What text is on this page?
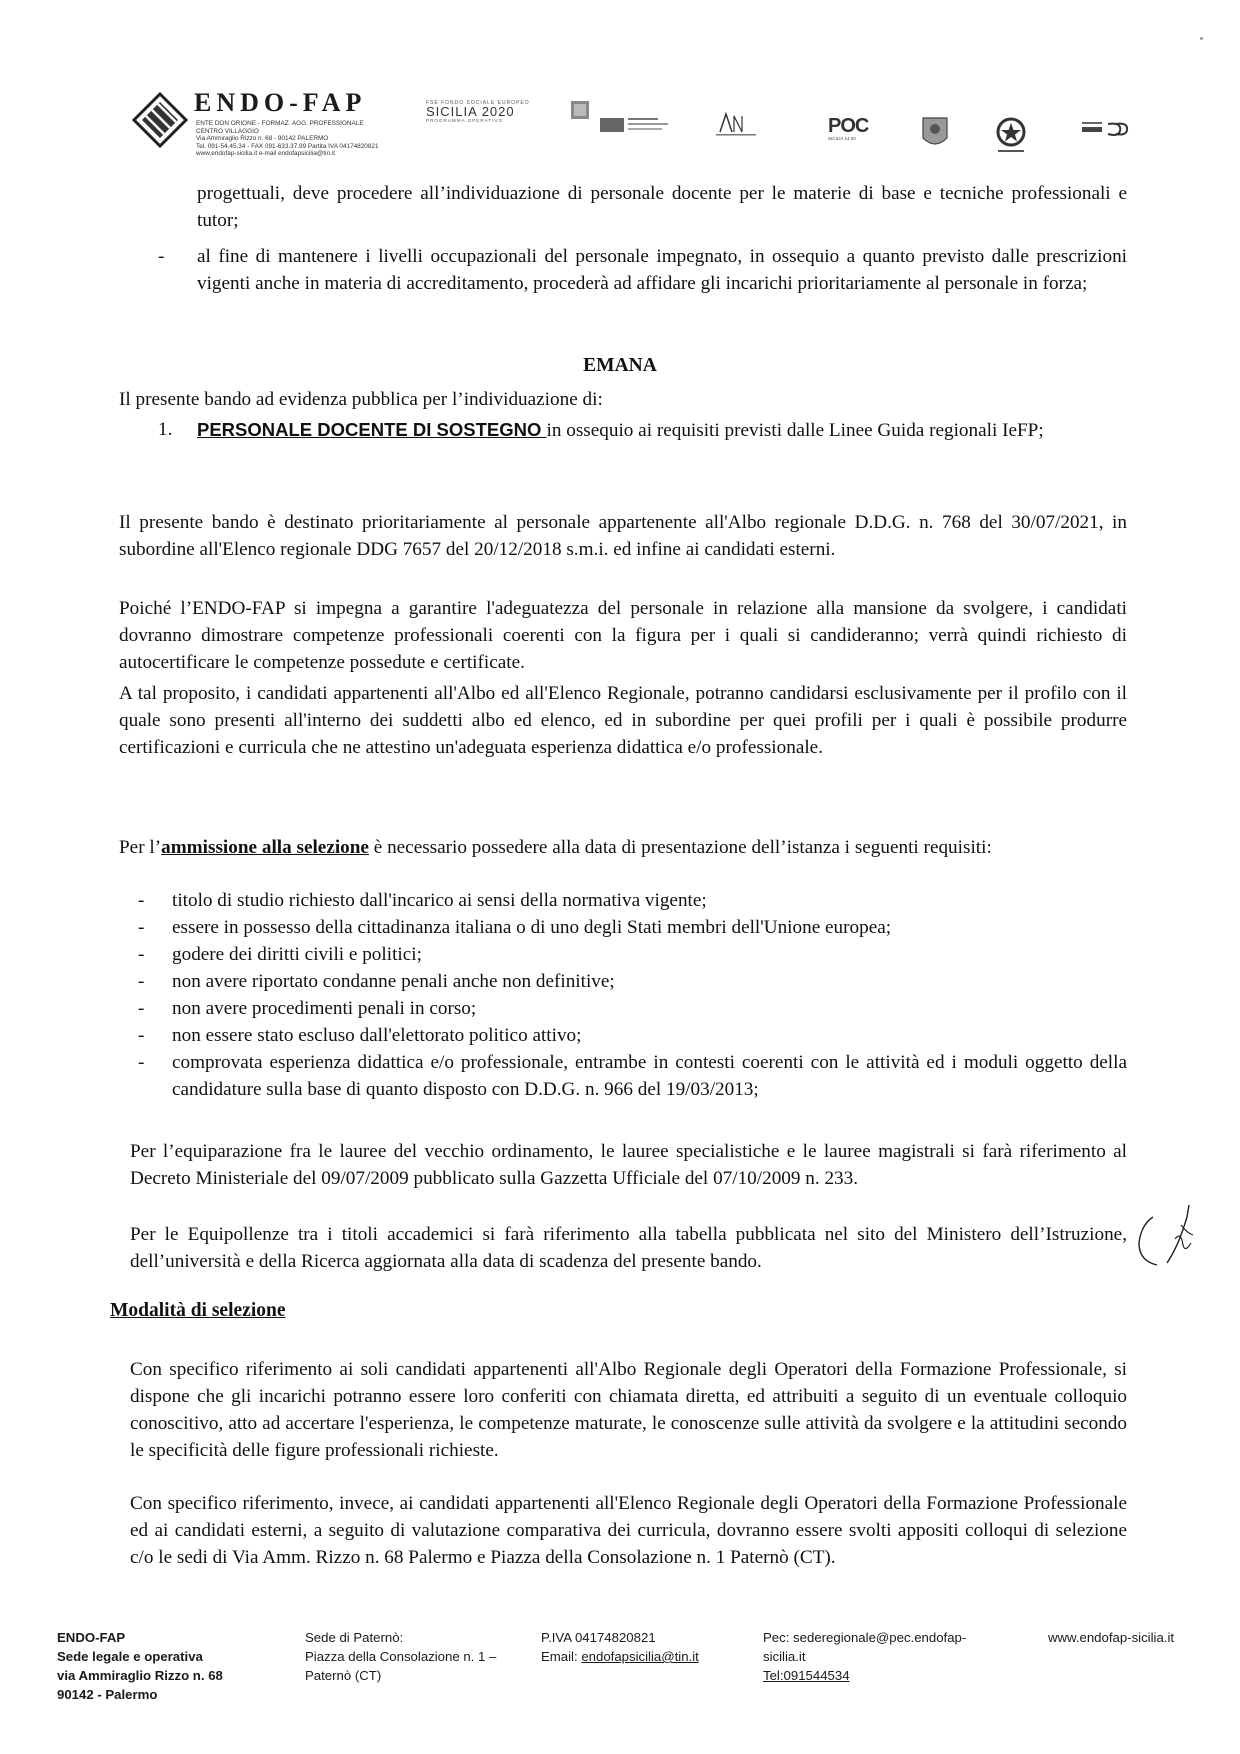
ENDO-FAP
ENTE DON ORIONE - FORMAZ. AGG. PROFESSIONALE
CENTRO VILLAGGIO
Via Ammiraglio Rizzo n. 68 - 90142 PALERMO
Tel. 091-54.45.34 - FAX 091-633.37.99 Partita IVA 04174820821
www.endofap-sicilia.it e-mail endofapsicilia@tin.it
FSE FONDO SOCIALE EUROPEO
SICILIA 2020
PROGRAMMA OPERATIVO	POC
SICILIA 14 20
progettuali, deve procedere all’individuazione di personale docente per le materie di base e tecniche professionali e tutor;
- al fine di mantenere i livelli occupazionali del personale impegnato, in ossequio a quanto previsto dalle prescrizioni vigenti anche in materia di accreditamento, procederà ad affidare gli incarichi prioritariamente al personale in forza;
EMANA
Il presente bando ad evidenza pubblica per l’individuazione di:
1. PERSONALE DOCENTE DI SOSTEGNO in ossequio ai requisiti previsti dalle Linee Guida regionali IeFP;
Il presente bando è destinato prioritariamente al personale appartenente all'Albo regionale D.D.G. n. 768 del 30/07/2021, in subordine all'Elenco regionale DDG 7657 del 20/12/2018 s.m.i. ed infine ai candidati esterni.
Poiché l’ENDO-FAP si impegna a garantire l'adeguatezza del personale in relazione alla mansione da svolgere, i candidati dovranno dimostrare competenze professionali coerenti con la figura per i quali si candideranno; verrà quindi richiesto di autocertificare le competenze possedute e certificate.
A tal proposito, i candidati appartenenti all'Albo ed all'Elenco Regionale, potranno candidarsi esclusivamente per il profilo con il quale sono presenti all'interno dei suddetti albo ed elenco, ed in subordine per quei profili per i quali è possibile produrre certificazioni e curricula che ne attestino un'adeguata esperienza didattica e/o professionale.
Per l’ammissione alla selezione è necessario possedere alla data di presentazione dell’istanza i seguenti requisiti:
- titolo di studio richiesto dall'incarico ai sensi della normativa vigente;
- essere in possesso della cittadinanza italiana o di uno degli Stati membri dell'Unione europea;
- godere dei diritti civili e politici;
- non avere riportato condanne penali anche non definitive;
- non avere procedimenti penali in corso;
- non essere stato escluso dall'elettorato politico attivo;
- comprovata esperienza didattica e/o professionale, entrambe in contesti coerenti con le attività ed i moduli oggetto della candidature sulla base di quanto disposto con D.D.G. n. 966 del 19/03/2013;
Per l’equiparazione fra le lauree del vecchio ordinamento, le lauree specialistiche e le lauree magistrali si farà riferimento al Decreto Ministeriale del 09/07/2009 pubblicato sulla Gazzetta Ufficiale del 07/10/2009 n. 233.
Per le Equipollenze tra i titoli accademici si farà riferimento alla tabella pubblicata nel sito del Ministero dell’Istruzione, dell’università e della Ricerca aggiornata alla data di scadenza del presente bando.
Modalità di selezione
Con specifico riferimento ai soli candidati appartenenti all'Albo Regionale degli Operatori della Formazione Professionale, si dispone che gli incarichi potranno essere loro conferiti con chiamata diretta, ed attribuiti a seguito di un eventuale colloquio conoscitivo, atto ad accertare l'esperienza, le competenze maturate, le conoscenze sulle attività da svolgere e la attitudini secondo le specificità delle figure professionali richieste.
Con specifico riferimento, invece, ai candidati appartenenti all'Elenco Regionale degli Operatori della Formazione Professionale ed ai candidati esterni, a seguito di valutazione comparativa dei curricula, dovranno essere svolti appositi colloqui di selezione c/o le sedi di Via Amm. Rizzo n. 68 Palermo e Piazza della Consolazione n. 1 Paternò (CT).
ENDO-FAP
Sede legale e operativa
via Ammiraglio Rizzo n. 68
90142 - Palermo
Sede di Paternò:
Piazza della Consolazione n. 1 –
Paternò (CT)
P.IVA 04174820821
Email: endofapsicilia@tin.it
Pec: sederegionale@pec.endofap-
sicilia.it
Tel:091544534
www.endofap-sicilia.it
